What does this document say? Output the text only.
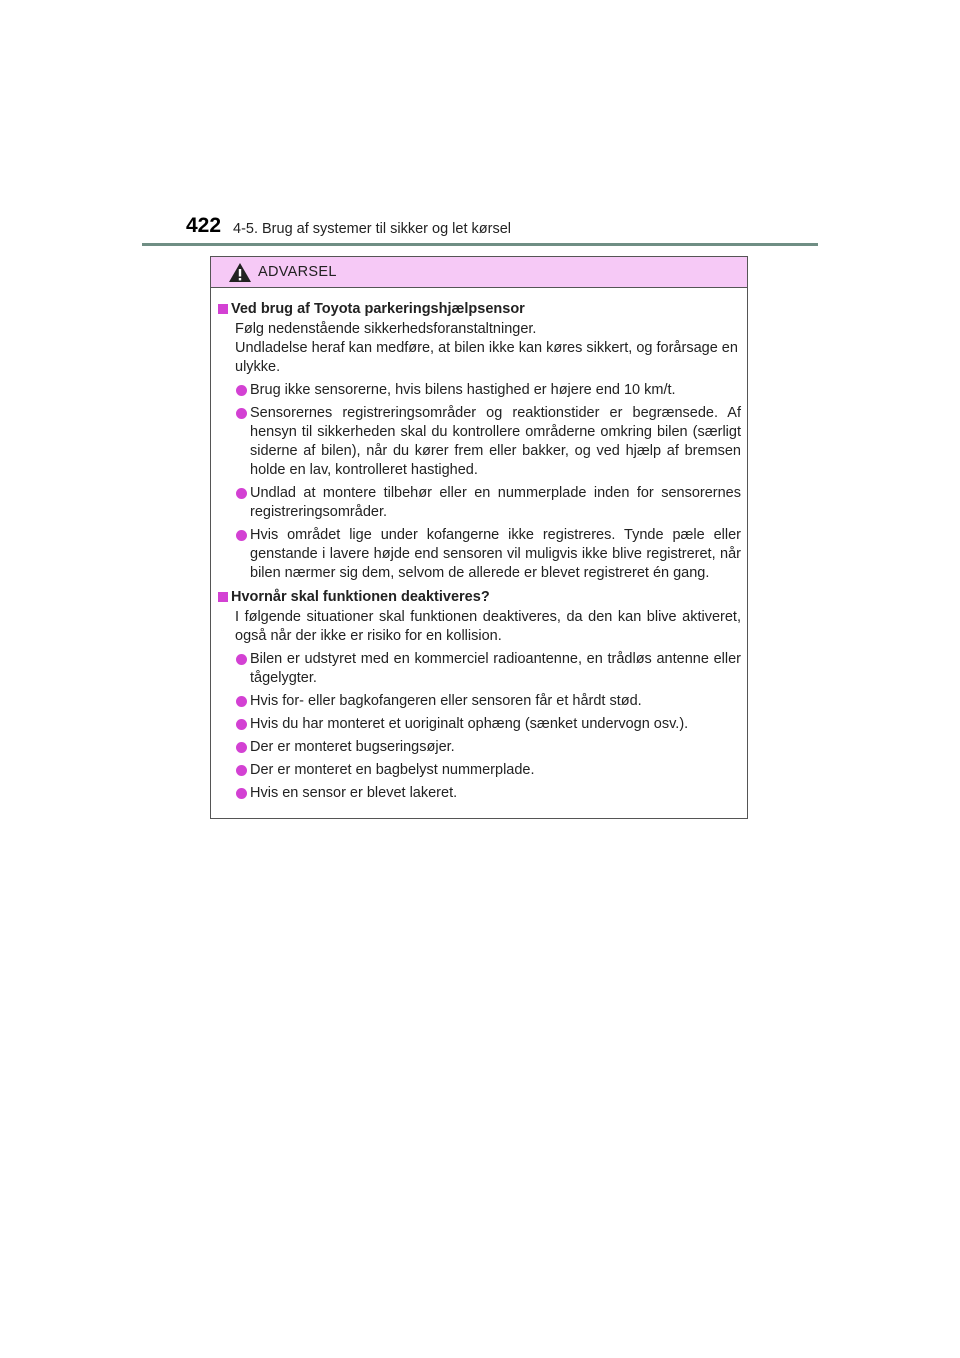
422 4-5. Brug af systemer til sikker og let kørsel
ADVARSEL
Ved brug af Toyota parkeringshjælpsensor
Følg nedenstående sikkerhedsforanstaltninger.
Undladelse heraf kan medføre, at bilen ikke kan køres sikkert, og forårsage en ulykke.
Brug ikke sensorerne, hvis bilens hastighed er højere end 10 km/t.
Sensorernes registreringsområder og reaktionstider er begrænsede. Af hensyn til sikkerheden skal du kontrollere områderne omkring bilen (særligt siderne af bilen), når du kører frem eller bakker, og ved hjælp af bremsen holde en lav, kontrolleret hastighed.
Undlad at montere tilbehør eller en nummerplade inden for sensorernes registreringsområder.
Hvis området lige under kofangerne ikke registreres. Tynde pæle eller genstande i lavere højde end sensoren vil muligvis ikke blive registreret, når bilen nærmer sig dem, selvom de allerede er blevet registreret én gang.
Hvornår skal funktionen deaktiveres?
I følgende situationer skal funktionen deaktiveres, da den kan blive aktiveret, også når der ikke er risiko for en kollision.
Bilen er udstyret med en kommerciel radioantenne, en trådløs antenne eller tågelygter.
Hvis for- eller bagkofangeren eller sensoren får et hårdt stød.
Hvis du har monteret et uoriginalt ophæng (sænket undervogn osv.).
Der er monteret bugseringsøjer.
Der er monteret en bagbelyst nummerplade.
Hvis en sensor er blevet lakeret.
